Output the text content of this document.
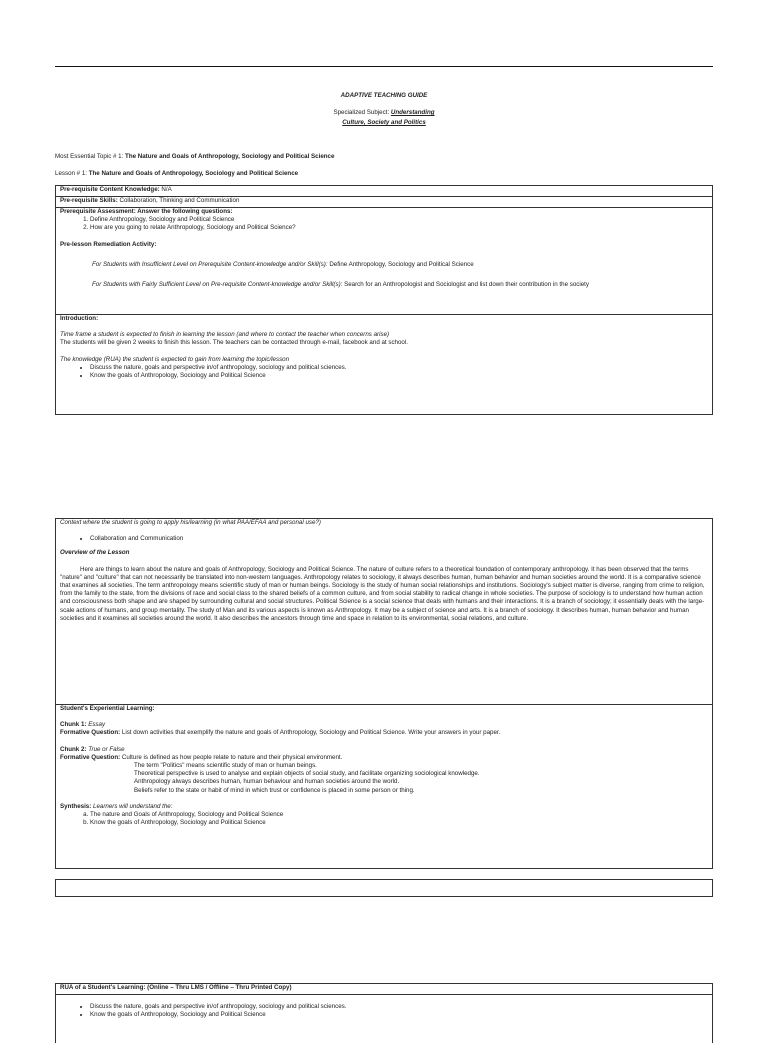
ADAPTIVE TEACHING GUIDE
Specialized Subject: Understanding
Culture, Society and Politics
Most Essential Topic # 1: The Nature and Goals of Anthropology, Sociology and Political Science
Lesson # 1: The Nature and Goals of Anthropology, Sociology and Political Science
Pre-requisite Content Knowledge: N/A
Pre-requisite Skills: Collaboration, Thinking and Communication
Prerequisite Assessment: Answer the following questions:
1. Define Anthropology, Sociology and Political Science
2. How are you going to relate Anthropology, Sociology and Political Science?
Pre-lesson Remediation Activity:
For Students with Insufficient Level on Prerequisite Content-knowledge and/or Skill(s): Define Anthropology, Sociology and Political Science
For Students with Fairly Sufficient Level on Pre-requisite Content-knowledge and/or Skill(s): Search for an Anthropologist and Sociologist and list down their contribution in the society
Introduction:
Time frame a student is expected to finish in learning the lesson (and where to contact the teacher when concerns arise)
The students will be given 2 weeks to finish this lesson. The teachers can be contacted through e-mail, facebook and at school.
The knowledge (RUA) the student is expected to gain from learning the topic/lesson
• Discuss the nature, goals and perspective in/of anthropology, sociology and political sciences.
• Know the goals of Anthropology, Sociology and Political Science
Context where the student is going to apply his/learning (in what PAA/EFAA and personal use?)
• Collaboration and Communication
Overview of the Lesson

Here are things to learn about the nature and goals of Anthropology, Sociology and Political Science. The nature of culture refers to a theoretical foundation of contemporary anthropology. It has been observed that the terms "nature" and "culture" that can not necessarily be translated into non-western languages. Anthropology relates to sociology, it always describes human, human behavior and human societies around the world. It is a comparative science that examines all societies. The term anthropology means scientific study of man or human beings. Sociology is the study of human social relationships and institutions. Sociology's subject matter is diverse, ranging from crime to religion, from the family to the state, from the divisions of race and social class to the shared beliefs of a common culture, and from social stability to radical change in whole societies. The purpose of sociology is to understand how human action and consciousness both shape and are shaped by surrounding cultural and social structures. Political Science is a social science that deals with humans and their interactions. It is a branch of sociology; it essentially deals with the large-scale actions of humans, and group mentality. The study of Man and its various aspects is known as Anthropology. It may be a subject of science and arts. It is a branch of sociology. It describes human, human behavior and human societies and it examines all societies around the world. It also describes the ancestors through time and space in relation to its environmental, social relations, and culture.

Student's Experiential Learning:
Chunk 1: Essay
Formative Question: List down activities that exemplify the nature and goals of Anthropology, Sociology and Political Science. Write your answers in your paper.
Chunk 2: True or False
Formative Question: Culture is defined as how people relate to nature and their physical environment.
The term "Politics" means scientific study of man or human beings.
Theoretical perspective is used to analyse and explain objects of social study, and facilitate organizing sociological knowledge.
Anthropology always describes human, human behaviour and human societies around the world.
Beliefs refer to the state or habit of mind in which trust or confidence is placed in some person or thing.
Synthesis: Learners will understand the:
a. The nature and Goals of Anthropology, Sociology and Political Science
b. Know the goals of Anthropology, Sociology and Political Science
RUA of a Student's Learning: (Online – Thru LMS / Offline – Thru Printed Copy)
• Discuss the nature, goals and perspective in/of anthropology, sociology and political sciences.
• Know the goals of Anthropology, Sociology and Political Science
